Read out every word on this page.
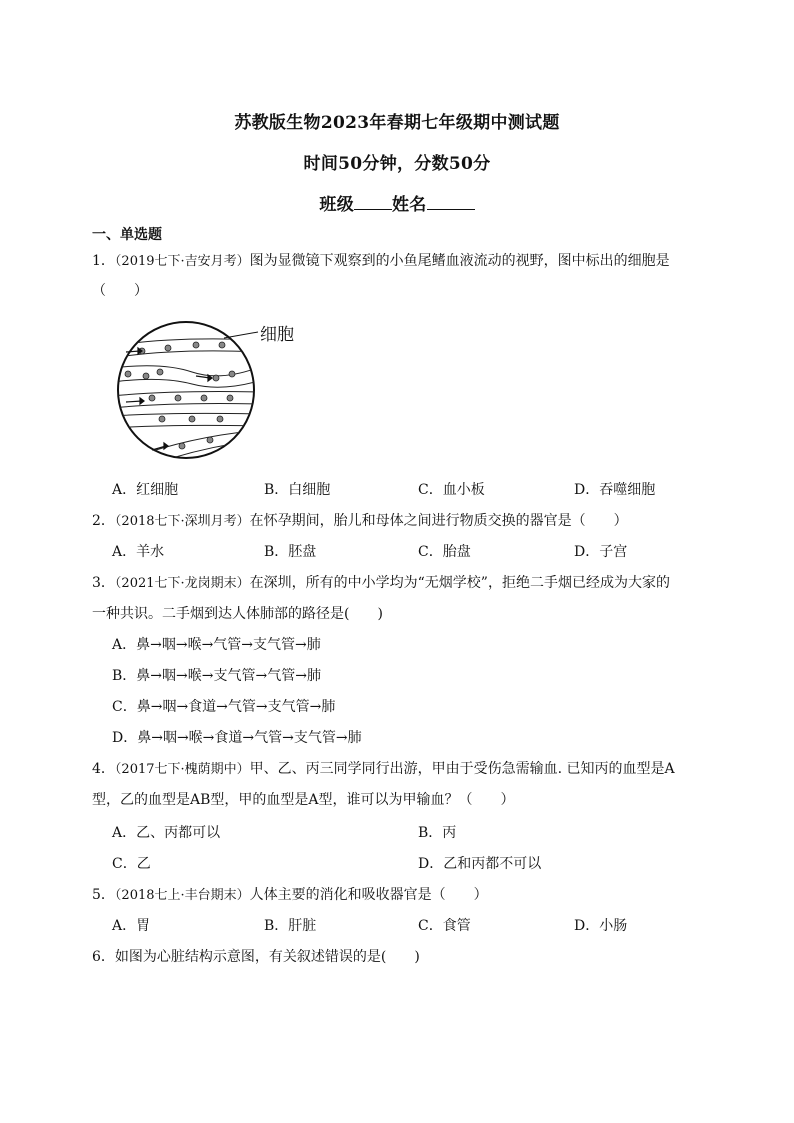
苏教版生物2023年春期七年级期中测试题
时间50分钟，分数50分
班级 姓名
一、单选题
1．（2019七下·吉安月考）图为显微镜下观察到的小鱼尾鳍血液流动的视野，图中标出的细胞是
（　　）
细胞
A．红细胞	B．白细胞	C．血小板	D．吞噬细胞
2．（2018七下·深圳月考）在怀孕期间，胎儿和母体之间进行物质交换的器官是（　　）
A．羊水	B．胚盘	C．胎盘	D．子宫
3．（2021七下·龙岗期末）在深圳，所有的中小学均为“无烟学校”，拒绝二手烟已经成为大家的
一种共识。二手烟到达人体肺部的路径是(　　)
A．鼻→咽→喉→气管→支气管→肺
B．鼻→咽→喉→支气管→气管→肺
C．鼻→咽→食道→气管→支气管→肺
D．鼻→咽→喉→食道→气管→支气管→肺
4．（2017七下·槐荫期中）甲、乙、丙三同学同行出游，甲由于受伤急需输血. 已知丙的血型是A
型，乙的血型是AB型，甲的血型是A型，谁可以为甲输血？（　　）
A．乙、丙都可以	B．丙
C．乙	D．乙和丙都不可以
5．（2018七上·丰台期末）人体主要的消化和吸收器官是（　　）
A．胃	B．肝脏	C．食管	D．小肠
6．如图为心脏结构示意图，有关叙述错误的是(　　)
